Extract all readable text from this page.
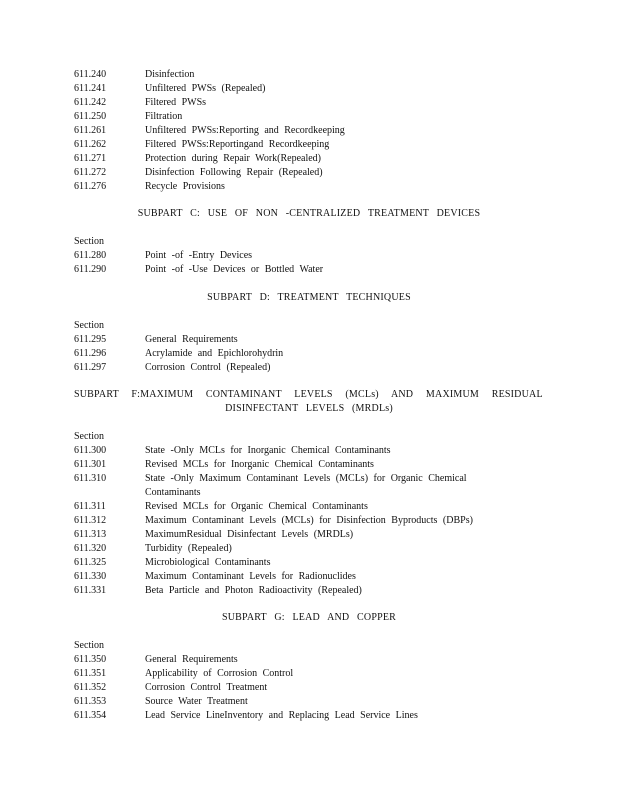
611.240	Disinfection
611.241	Unfiltered PWSs (Repealed)
611.242	Filtered PWSs
611.250	Filtration
611.261	Unfiltered PWSs:Reporting and Recordkeeping
611.262	Filtered PWSs:Reportingand Recordkeeping
611.271	Protection during Repair Work(Repealed)
611.272	Disinfection Following Repair (Repealed)
611.276	Recycle Provisions
SUBPART C: USE OF NON -CENTRALIZED TREATMENT DEVICES
Section
611.280	Point -of -Entry Devices
611.290	Point -of -Use Devices or Bottled Water
SUBPART D: TREATMENT TECHNIQUES
Section
611.295	General Requirements
611.296	Acrylamide and Epichlorohydrin
611.297	Corrosion Control (Repealed)
SUBPART F:MAXIMUM CONTAMINANT LEVELS (MCLs) AND MAXIMUM RESIDUAL
DISINFECTANT LEVELS (MRDLs)
Section
611.300	State -Only MCLs for Inorganic Chemical Contaminants
611.301	Revised MCLs for Inorganic Chemical Contaminants
611.310	State -Only Maximum Contaminant Levels (MCLs) for Organic Chemical
Contaminants
611.311	Revised MCLs for Organic Chemical Contaminants
611.312	Maximum Contaminant Levels (MCLs) for Disinfection Byproducts (DBPs)
611.313	MaximumResidual Disinfectant Levels (MRDLs)
611.320	Turbidity (Repealed)
611.325	Microbiological Contaminants
611.330	Maximum Contaminant Levels for Radionuclides
611.331	Beta Particle and Photon Radioactivity (Repealed)
SUBPART G: LEAD AND COPPER
Section
611.350	General Requirements
611.351	Applicability of Corrosion Control
611.352	Corrosion Control Treatment
611.353	Source Water Treatment
611.354	Lead Service LineInventory and Replacing Lead Service Lines
